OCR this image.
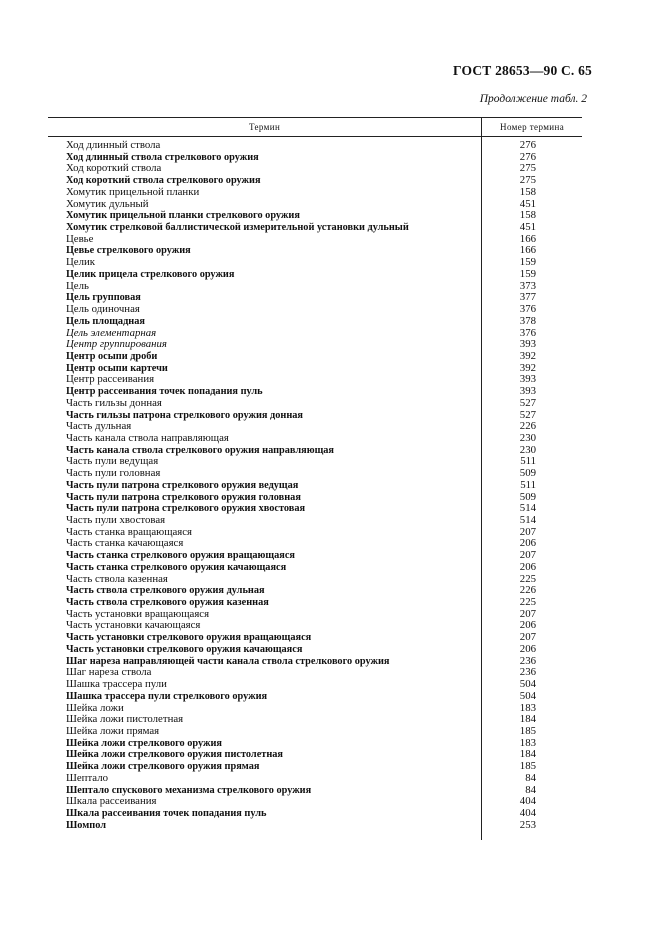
ГОСТ 28653—90 С. 65
Продолжение табл. 2
Термин	Номер термина
Ход длинный ствола
Ход длинный ствола стрелкового оружия
Ход короткий ствола
Ход короткий ствола стрелкового оружия
Хомутик прицельной планки
Хомутик дульный
Хомутик прицельной планки стрелкового оружия
Хомутик стрелковой баллистической измерительной установки дульный
Цевье
Цевье стрелкового оружия
Целик
Целик прицела стрелкового оружия
Цель
Цель групповая
Цель одиночная
Цель площадная
Цель элементарная
Центр группирования
Центр осыпи дроби
Центр осыпи картечи
Центр рассеивания
Центр рассеивания точек попадания пуль
Часть гильзы донная
Часть гильзы патрона стрелкового оружия донная
Часть дульная
Часть канала ствола направляющая
Часть канала ствола стрелкового оружия направляющая
Часть пули ведущая
Часть пули головная
Часть пули патрона стрелкового оружия ведущая
Часть пули патрона стрелкового оружия головная
Часть пули патрона стрелкового оружия хвостовая
Часть пули хвостовая
Часть станка вращающаяся
Часть станка качающаяся
Часть станка стрелкового оружия вращающаяся
Часть станка стрелкового оружия качающаяся
Часть ствола казенная
Часть ствола стрелкового оружия дульная
Часть ствола стрелкового оружия казенная
Часть установки вращающаяся
Часть установки качающаяся
Часть установки стрелкового оружия вращающаяся
Часть установки стрелкового оружия качающаяся
Шаг нареза направляющей части канала ствола стрелкового оружия
Шаг нареза ствола
Шашка трассера пули
Шашка трассера пули стрелкового оружия
Шейка ложи
Шейка ложи пистолетная
Шейка ложи прямая
Шейка ложи стрелкового оружия
Шейка ложи стрелкового оружия пистолетная
Шейка ложи стрелкового оружия прямая
Шептало
Шептало спускового механизма стрелкового оружия
Шкала рассеивания
Шкала рассеивания точек попадания пуль
Шомпол
276
276
275
275
158
451
158
451
166
166
159
159
373
377
376
378
376
393
392
392
393
393
527
527
226
230
230
511
509
511
509
514
514
207
206
207
206
225
226
225
207
206
207
206
236
236
504
504
183
184
185
183
184
185
84
84
404
404
253
